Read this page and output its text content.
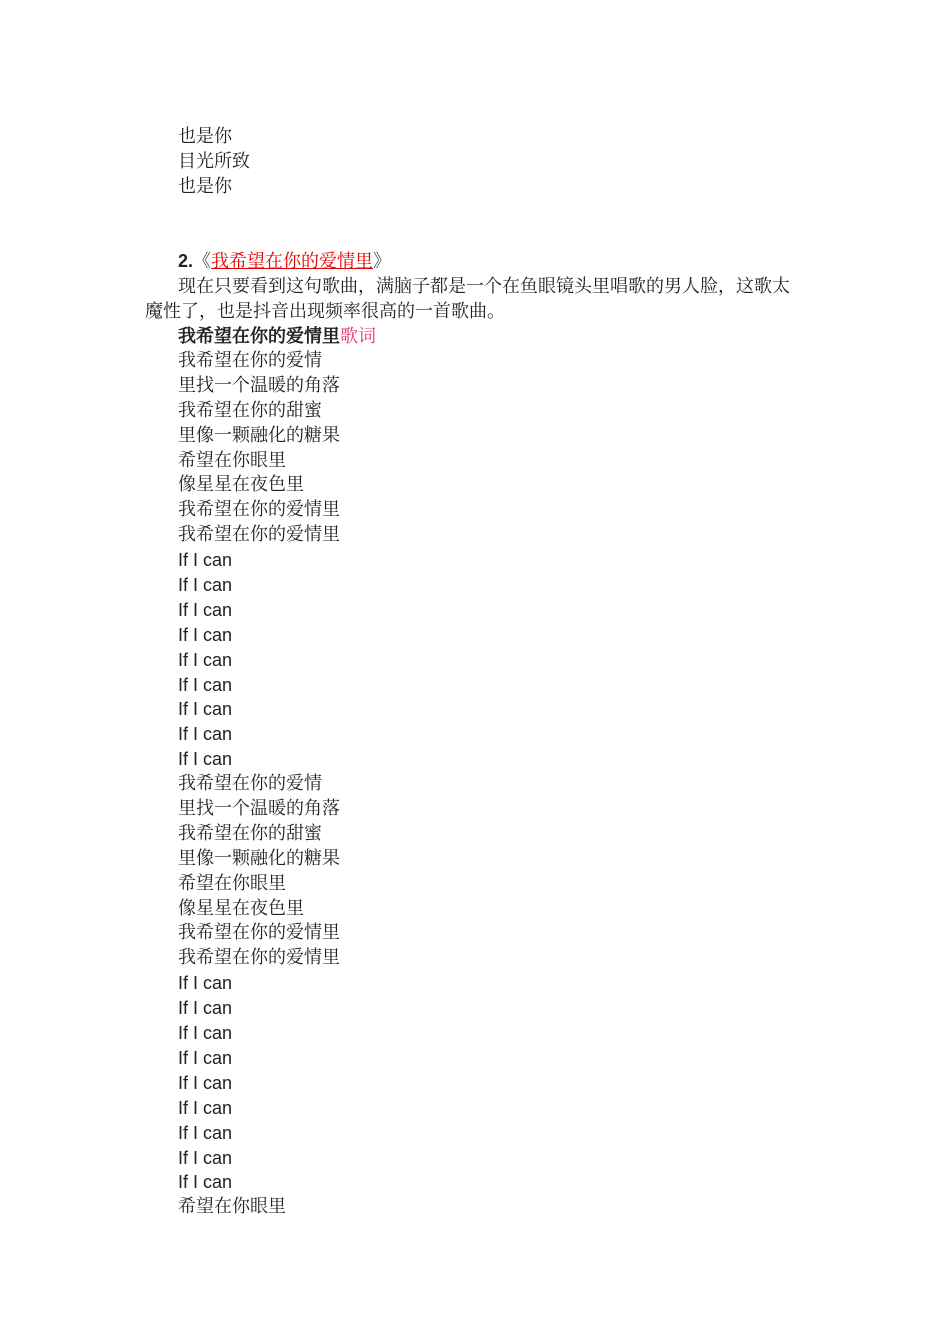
也是你

目光所致

也是你

2.《我希望在你的爱情里》

现在只要看到这句歌曲，满脑子都是一个在鱼眼镜头里唱歌的男人脸，这歌太魔性了，也是抖音出现频率很高的一首歌曲。

我希望在你的爱情里歌词
我希望在你的爱情
里找一个温暖的角落
我希望在你的甜蜜
里像一颗融化的糖果
希望在你眼里
像星星在夜色里
我希望在你的爱情里
我希望在你的爱情里
If I can
If I can
If I can
If I can
If I can
If I can
If I can
If I can
If I can
我希望在你的爱情
里找一个温暖的角落
我希望在你的甜蜜
里像一颗融化的糖果
希望在你眼里
像星星在夜色里
我希望在你的爱情里
我希望在你的爱情里
If I can
If I can
If I can
If I can
If I can
If I can
If I can
If I can
If I can
希望在你眼里
